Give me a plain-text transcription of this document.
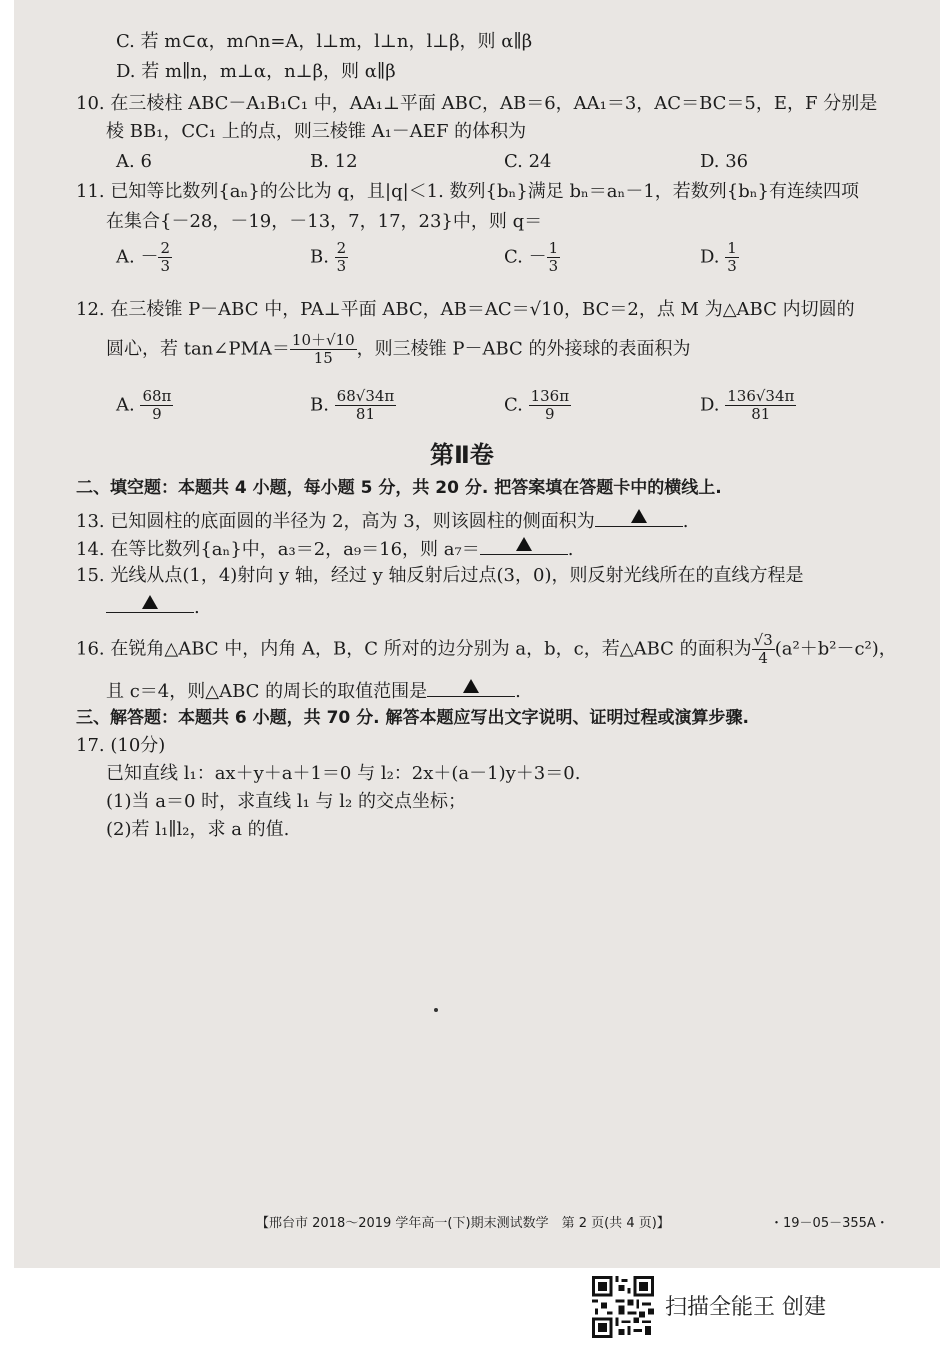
C. 若 m⊂α，m∩n=A，l⊥m，l⊥n，l⊥β，则 α∥β
D. 若 m∥n，m⊥α，n⊥β，则 α∥β
10. 在三棱柱 ABC－A₁B₁C₁ 中，AA₁⊥平面 ABC，AB＝6，AA₁＝3，AC＝BC＝5，E，F 分别是
棱 BB₁，CC₁ 上的点，则三棱锥 A₁－AEF 的体积为
A. 6	B. 12	C. 24	D. 36
11. 已知等比数列{aₙ}的公比为 q，且|q|＜1. 数列{bₙ}满足 bₙ＝aₙ－1，若数列{bₙ}有连续四项
在集合{－28，－19，－13，7，17，23}中，则 q＝
A. － $\frac{2}{3}$	B. $\frac{2}{3}$	C. － $\frac{1}{3}$	D. $\frac{1}{3}$
12. 在三棱锥 P－ABC 中，PA⊥平面 ABC，AB＝AC＝√10，BC＝2，点 M 为△ABC 内切圆的
圆心，若 tan∠PMA＝ $\frac{10+√10}{15}$ ，则三棱锥 P－ABC 的外接球的表面积为
A. $\frac{68\pi}{9}$	B. $\frac{68√34\pi}{81}$	C. $\frac{136\pi}{9}$	D. $\frac{136√34\pi}{81}$
第Ⅱ卷
二、填空题：本题共 4 小题，每小题 5 分，共 20 分. 把答案填在答题卡中的横线上.
13. 已知圆柱的底面圆的半径为 2，高为 3，则该圆柱的侧面积为	.
14. 在等比数列{aₙ}中，a₃＝2，a₉＝16，则 a₇＝	.
15. 光线从点(1，4)射向 y 轴，经过 y 轴反射后过点(3，0)，则反射光线所在的直线方程是
.
16. 在锐角△ABC 中，内角 A，B，C 所对的边分别为 a，b，c，若△ABC 的面积为 $\frac{√3}{4} (a^2+b^2-c^2)$，
且 c＝4，则△ABC 的周长的取值范围是	.
三、解答题：本题共 6 小题，共 70 分. 解答本题应写出文字说明、证明过程或演算步骤.
17. (10分)
已知直线 l₁：ax＋y＋a＋1＝0 与 l₂：2x＋(a－1)y＋3＝0.
(1)当 a＝0 时，求直线 l₁ 与 l₂ 的交点坐标；
(2)若 l₁∥l₂，求 a 的值.
【邢台市 2018～2019 学年高一(下)期末测试数学　第 2 页(共 4 页)】	・19－05－355A・
扫描全能王 创建
